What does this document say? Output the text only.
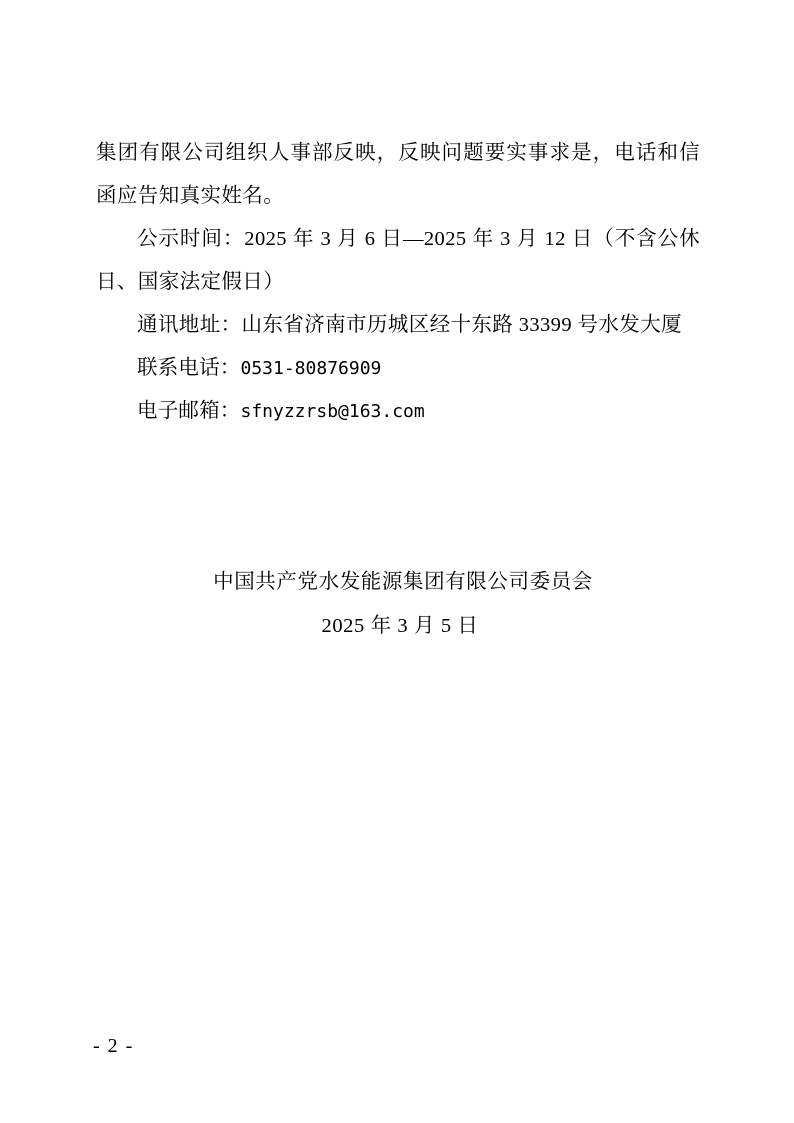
集团有限公司组织人事部反映，反映问题要实事求是，电话和信函应告知真实姓名。

公示时间：2025 年 3 月 6 日—2025 年 3 月 12 日（不含公休日、国家法定假日）

通讯地址：山东省济南市历城区经十东路 33399 号水发大厦

联系电话：0531-80876909

电子邮箱：sfnyzzrsb@163.com

中国共产党水发能源集团有限公司委员会

2025 年 3 月 5 日

- 2 -
